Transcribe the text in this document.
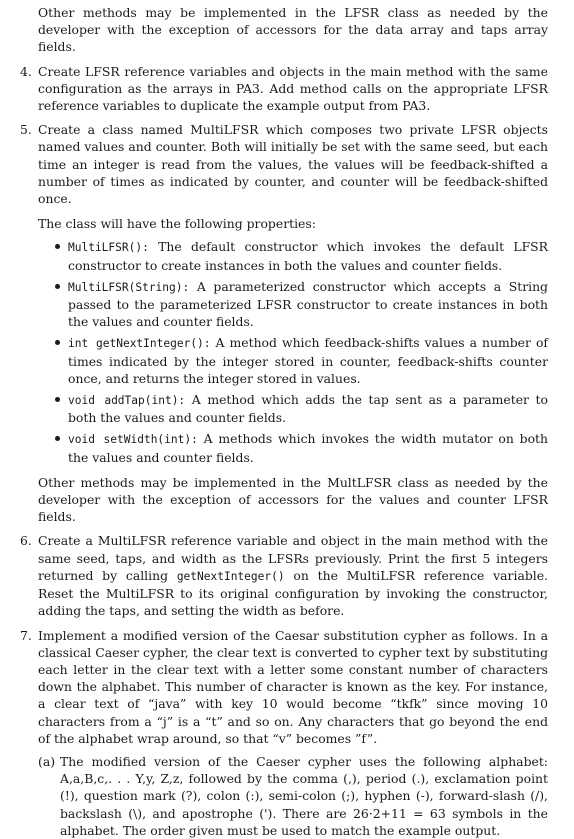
Other methods may be implemented in the LFSR class as needed by the developer with the exception of accessors for the data array and taps array fields.

4. Create LFSR reference variables and objects in the main method with the same configuration as the arrays in PA3. Add method calls on the appropriate LFSR reference variables to duplicate the example output from PA3.

5. Create a class named MultiLFSR which composes two private LFSR objects named values and counter. Both will initially be set with the same seed, but each time an integer is read from the values, the values will be feedback-shifted a number of times as indicated by counter, and counter will be feedback-shifted once.

The class will have the following properties:

MultiLFSR(): The default constructor which invokes the default LFSR constructor to create instances in both the values and counter fields.
MultiLFSR(String): A parameterized constructor which accepts a String passed to the parameterized LFSR constructor to create instances in both the values and counter fields.
int getNextInteger(): A method which feedback-shifts values a number of times indicated by the integer stored in counter, feedback-shifts counter once, and returns the integer stored in values.
void addTap(int): A method which adds the tap sent as a parameter to both the values and counter fields.
void setWidth(int): A methods which invokes the width mutator on both the values and counter fields.

Other methods may be implemented in the MultLFSR class as needed by the developer with the exception of accessors for the values and counter LFSR fields.

6. Create a MultiLFSR reference variable and object in the main method with the same seed, taps, and width as the LFSRs previously. Print the first 5 integers returned by calling getNextInteger() on the MultiLFSR reference variable. Reset the MultiLFSR to its original configuration by invoking the constructor, adding the taps, and setting the width as before.

7. Implement a modified version of the Caesar substitution cypher as follows. In a classical Caeser cypher, the clear text is converted to cypher text by substituting each letter in the clear text with a letter some constant number of characters down the alphabet. This number of character is known as the key. For instance, a clear text of “java” with key 10 would become “tkfk” since moving 10 characters from a “j” is a “t” and so on. Any characters that go beyond the end of the alphabet wrap around, so that “v” becomes ”f”.

(a) The modified version of the Caeser cypher uses the following alphabet: A,a,B,c,. . . Y,y, Z,z, followed by the comma (,), period (.), exclamation point (!), question mark (?), colon (:), semi-colon (;), hyphen (-), forward-slash (/), backslash (\), and apostrophe ('). There are 26·2+11 = 63 symbols in the alphabet. The order given must be used to match the example output.
